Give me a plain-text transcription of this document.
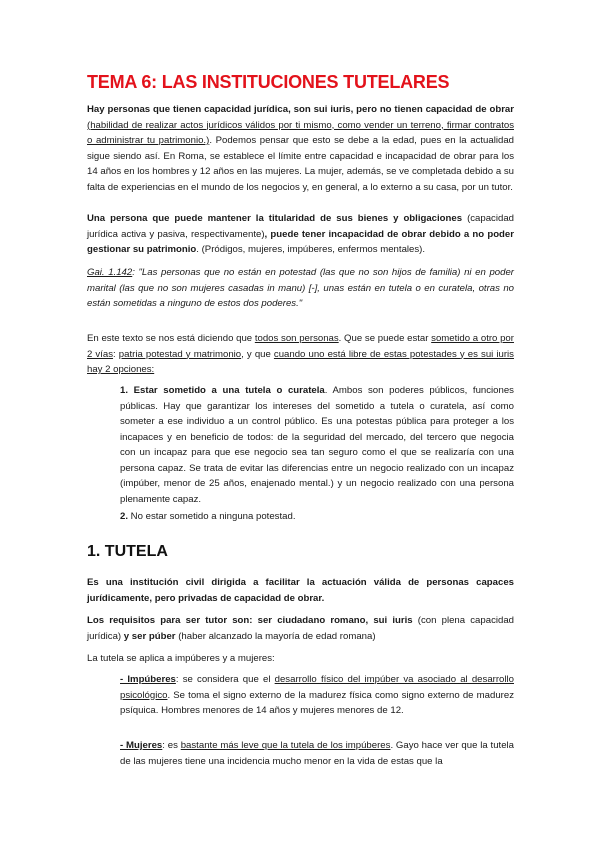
TEMA 6: LAS INSTITUCIONES TUTELARES

Hay personas que tienen capacidad jurídica, son sui iuris, pero no tienen capacidad de obrar (habilidad de realizar actos jurídicos válidos por ti mismo, como vender un terreno, firmar contratos o administrar tu patrimonio.). Podemos pensar que esto se debe a la edad, pues en la actualidad sigue siendo así. En Roma, se establece el límite entre capacidad e incapacidad de obrar para los 14 años en los hombres y 12 años en las mujeres. La mujer, además, se ve completada debido a su falta de experiencias en el mundo de los negocios y, en general, a lo externo a su casa, por un tutor.

Una persona que puede mantener la titularidad de sus bienes y obligaciones (capacidad jurídica activa y pasiva, respectivamente), puede tener incapacidad de obrar debido a no poder gestionar su patrimonio. (Pródigos, mujeres, impúberes, enfermos mentales).

Gai. 1.142: "Las personas que no están en potestad (las que no son hijos de familia) ni en poder marital (las que no son mujeres casadas in manu) [-], unas están en tutela o en curatela, otras no están sometidas a ninguno de estos dos poderes."

En este texto se nos está diciendo que todos son personas. Que se puede estar sometido a otro por 2 vías: patria potestad y matrimonio, y que cuando uno está libre de estas potestades y es sui iuris hay 2 opciones:

1. Estar sometido a una tutela o curatela. Ambos son poderes públicos, funciones públicas. Hay que garantizar los intereses del sometido a tutela o curatela, así como someter a ese individuo a un control público. Es una potestas pública para proteger a los incapaces y en beneficio de todos: de la seguridad del mercado, del tercero que negocia con un incapaz para que ese negocio sea tan seguro como el que se realizaría con una persona capaz. Se trata de evitar las diferencias entre un negocio realizado con un incapaz (impúber, menor de 25 años, enajenado mental.) y un negocio realizado con una persona plenamente capaz.

2. No estar sometido a ninguna potestad.

1. TUTELA

Es una institución civil dirigida a facilitar la actuación válida de personas capaces jurídicamente, pero privadas de capacidad de obrar.

Los requisitos para ser tutor son: ser ciudadano romano, sui iuris (con plena capacidad jurídica) y ser púber (haber alcanzado la mayoría de edad romana)

La tutela se aplica a impúberes y a mujeres:

- Impúberes: se considera que el desarrollo físico del impúber va asociado al desarrollo psicológico. Se toma el signo externo de la madurez física como signo externo de madurez psíquica. Hombres menores de 14 años y mujeres menores de 12.

- Mujeres: es bastante más leve que la tutela de los impúberes. Gayo hace ver que la tutela de las mujeres tiene una incidencia mucho menor en la vida de estas que la
